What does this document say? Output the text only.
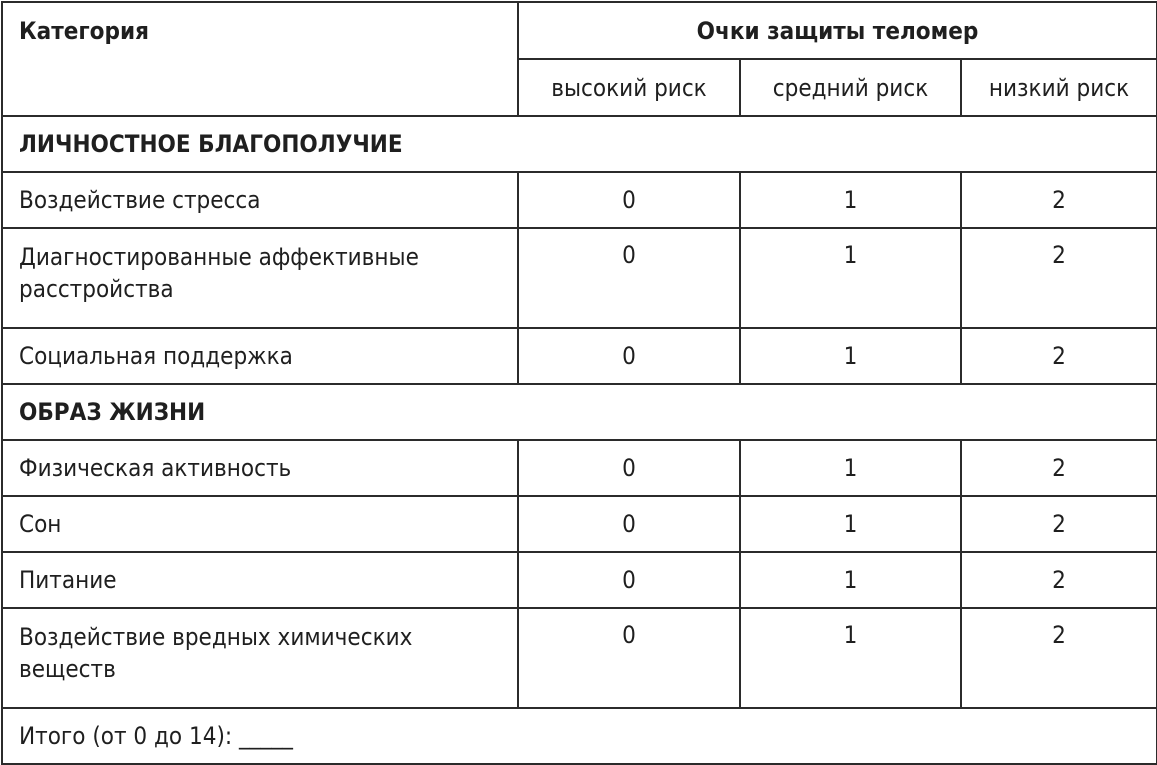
Категория	Очки защиты теломер		
	высокий риск	средний риск	низкий риск
ЛИЧНОСТНОЕ БЛАГОПОЛУЧИЕ			
Воздействие стресса	0	1	2
Диагностированные аффективные расстройства	0	1	2
Социальная поддержка	0	1	2
ОБРАЗ ЖИЗНИ			
Физическая активность	0	1	2
Сон	0	1	2
Питание	0	1	2
Воздействие вредных химических веществ	0	1	2
Итого (от 0 до 14): _____			
